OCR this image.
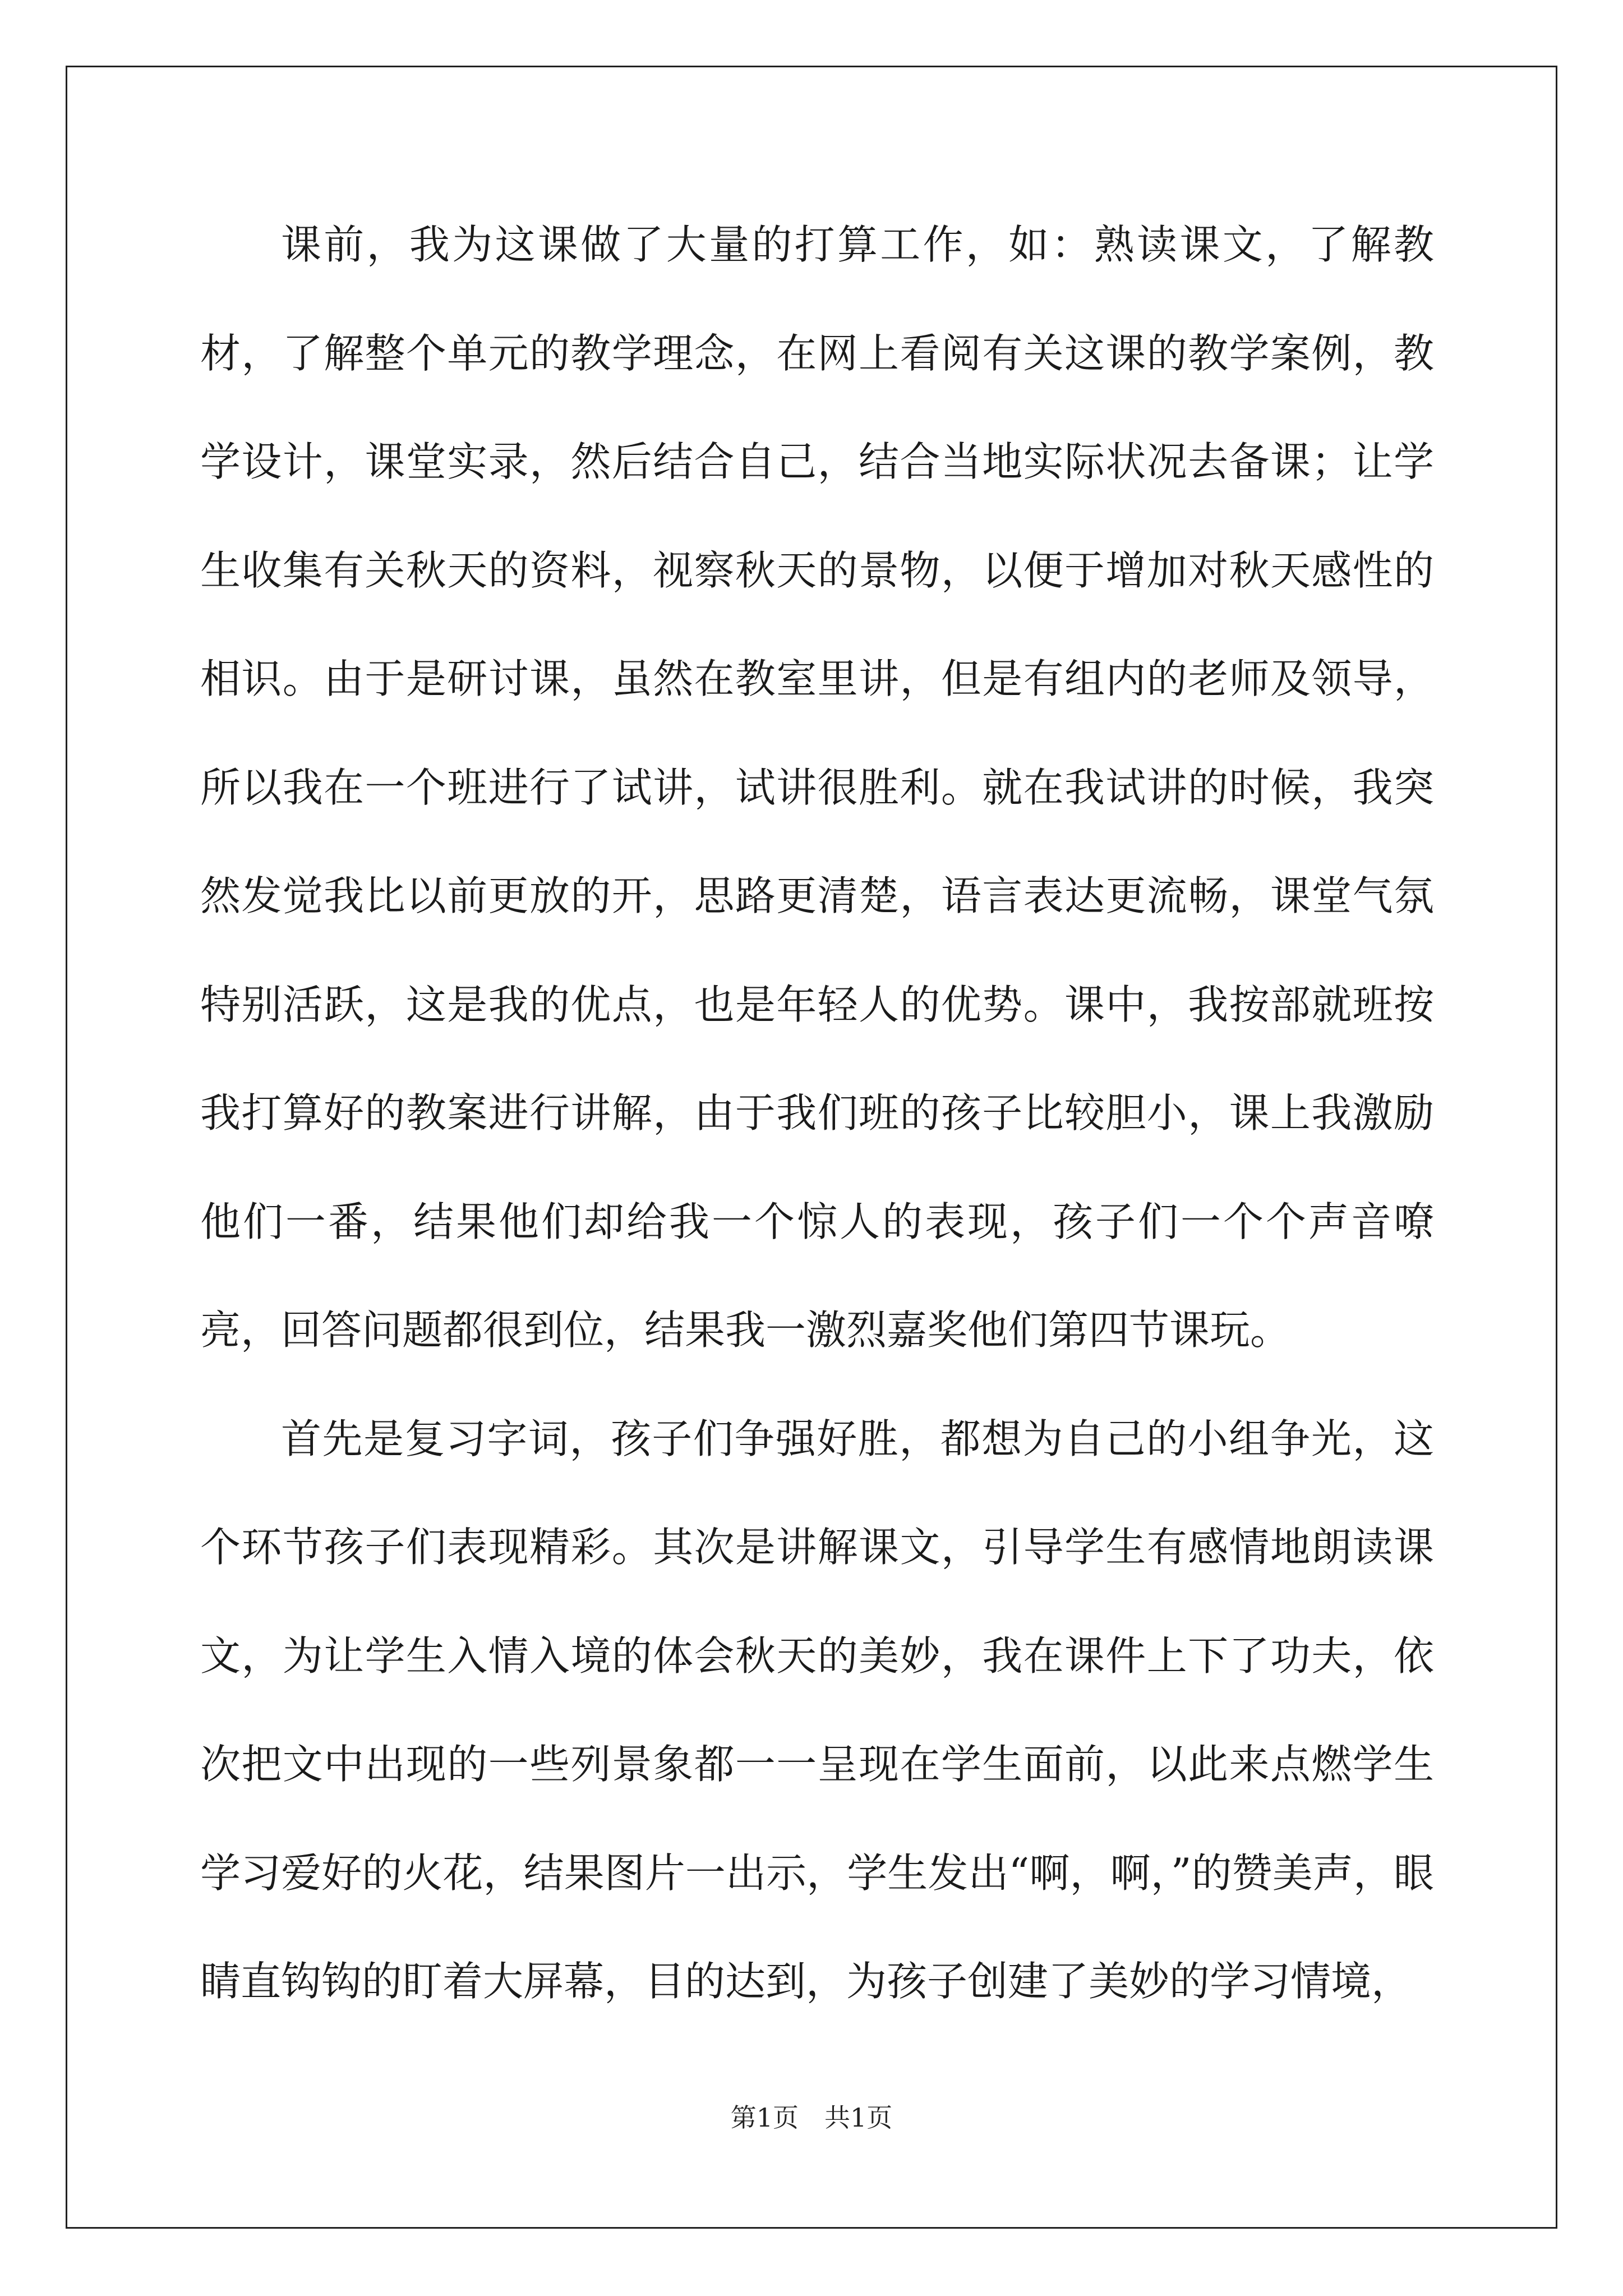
课前，我为这课做了大量的打算工作，如：熟读课文，了解教材，了解整个单元的教学理念，在网上看阅有关这课的教学案例，教学设计，课堂实录，然后结合自己，结合当地实际状况去备课；让学生收集有关秋天的资料，视察秋天的景物，以便于增加对秋天感性的相识。由于是研讨课，虽然在教室里讲，但是有组内的老师及领导，所以我在一个班进行了试讲，试讲很胜利。就在我试讲的时候，我突然发觉我比以前更放的开，思路更清楚，语言表达更流畅，课堂气氛特别活跃，这是我的优点，也是年轻人的优势。课中，我按部就班按我打算好的教案进行讲解，由于我们班的孩子比较胆小，课上我激励他们一番，结果他们却给我一个惊人的表现，孩子们一个个声音嘹亮，回答问题都很到位，结果我一激烈嘉奖他们第四节课玩。

首先是复习字词，孩子们争强好胜，都想为自己的小组争光，这个环节孩子们表现精彩。其次是讲解课文，引导学生有感情地朗读课文，为让学生入情入境的体会秋天的美妙，我在课件上下了功夫，依次把文中出现的一些列景象都一一呈现在学生面前，以此来点燃学生学习爱好的火花，结果图片一出示，学生发出“啊，啊，”的赞美声，眼睛直钩钩的盯着大屏幕，目的达到，为孩子创建了美妙的学习情境，

第1页 共1页
